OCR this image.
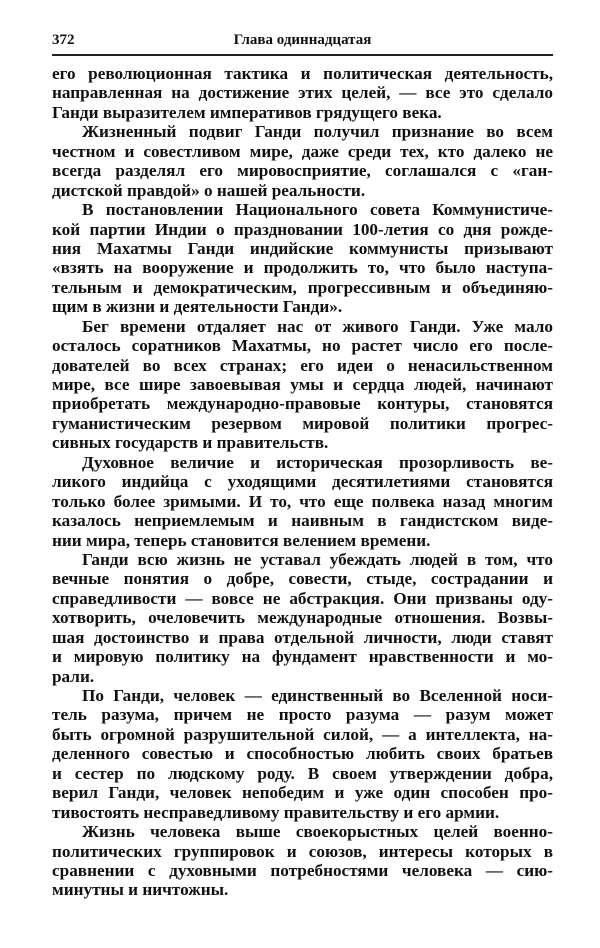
372	Глава одиннадцатая
его революционная тактика и политическая деятельность,
направленная на достижение этих целей, — все это сделало
Ганди выразителем императивов грядущего века.
Жизненный подвиг Ганди получил признание во всем
честном и совестливом мире, даже среди тех, кто далеко не
всегда разделял его мировосприятие, соглашался с «ган-
дистской правдой» о нашей реальности.
В постановлении Национального совета Коммунистиче-
кой партии Индии о праздновании 100-летия со дня рожде-
ния Махатмы Ганди индийские коммунисты призывают
«взять на вооружение и продолжить то, что было наступа-
тельным и демократическим, прогрессивным и объединяю-
щим в жизни и деятельности Ганди».
Бег времени отдаляет нас от живого Ганди. Уже мало
осталось соратников Махатмы, но растет число его после-
дователей во всех странах; его идеи о ненасильственном
мире, все шире завоевывая умы и сердца людей, начинают
приобретать международно-правовые контуры, становятся
гуманистическим резервом мировой политики прогрес-
сивных государств и правительств.
Духовное величие и историческая прозорливость ве-
ликого индийца с уходящими десятилетиями становятся
только более зримыми. И то, что еще полвека назад многим
казалось неприемлемым и наивным в гандистском виде-
нии мира, теперь становится велением времени.
Ганди всю жизнь не уставал убеждать людей в том, что
вечные понятия о добре, совести, стыде, сострадании и
справедливости — вовсе не абстракция. Они призваны оду-
хотворить, очеловечить международные отношения. Возвы-
шая достоинство и права отдельной личности, люди ставят
и мировую политику на фундамент нравственности и мо-
рали.
По Ганди, человек — единственный во Вселенной носи-
тель разума, причем не просто разума — разум может
быть огромной разрушительной силой, — а интеллекта, на-
деленного совестью и способностью любить своих братьев
и сестер по людскому роду. В своем утверждении добра,
верил Ганди, человек непобедим и уже один способен про-
тивостоять несправедливому правительству и его армии.
Жизнь человека выше своекорыстных целей военно-
политических группировок и союзов, интересы которых в
сравнении с духовными потребностями человека — сию-
минутны и ничтожны.
